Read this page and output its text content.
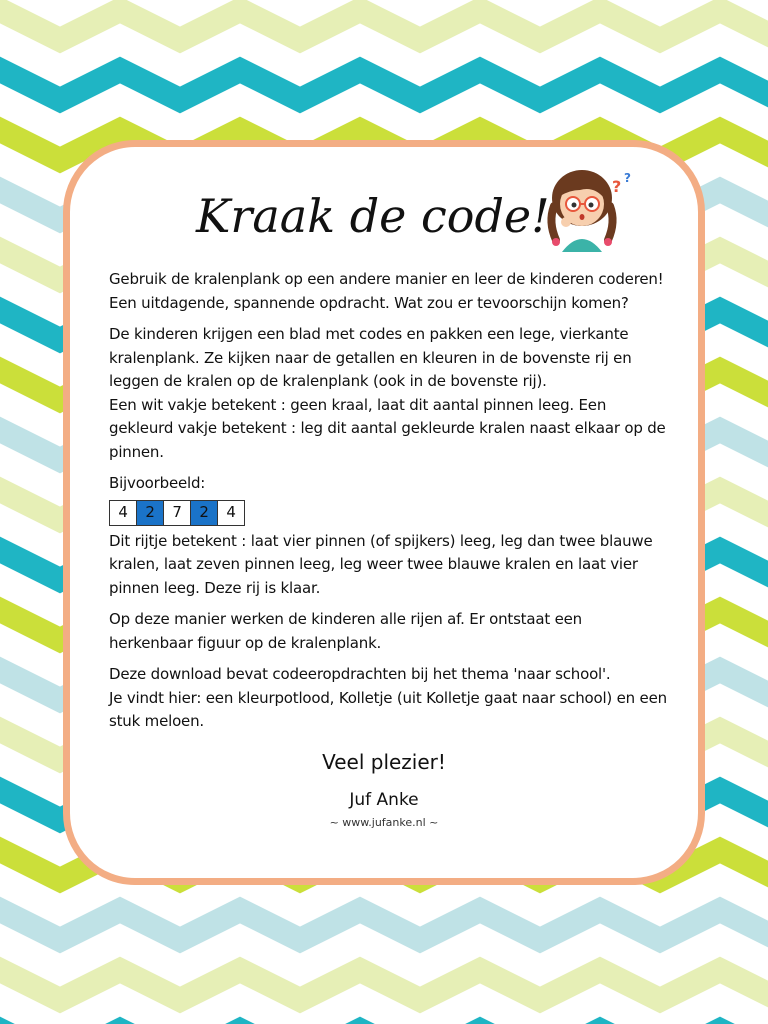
Kraak de code!
? ?

Gebruik de kralenplank op een andere manier en leer de kinderen coderen! Een uitdagende, spannende opdracht. Wat zou er tevoorschijn komen?

De kinderen krijgen een blad met codes en pakken een lege, vierkante kralenplank. Ze kijken naar de getallen en kleuren in de bovenste rij en leggen de kralen op de kralenplank (ook in de bovenste rij).

Een wit vakje betekent : geen kraal, laat dit aantal pinnen leeg. Een gekleurd vakje betekent : leg dit aantal gekleurde kralen naast elkaar op de pinnen.

Bijvoorbeeld:
4	2	7	2	4

Dit rijtje betekent : laat vier pinnen (of spijkers) leeg, leg dan twee blauwe kralen, laat zeven pinnen leeg, leg weer twee blauwe kralen en laat vier pinnen leeg. Deze rij is klaar.

Op deze manier werken de kinderen alle rijen af. Er ontstaat een herkenbaar figuur op de kralenplank.

Deze download bevat codeeropdrachten bij het thema 'naar school'.

Je vindt hier: een kleurpotlood, Kolletje (uit Kolletje gaat naar school) en een stuk meloen.

Veel plezier!
Juf Anke
~ www.jufanke.nl ~
